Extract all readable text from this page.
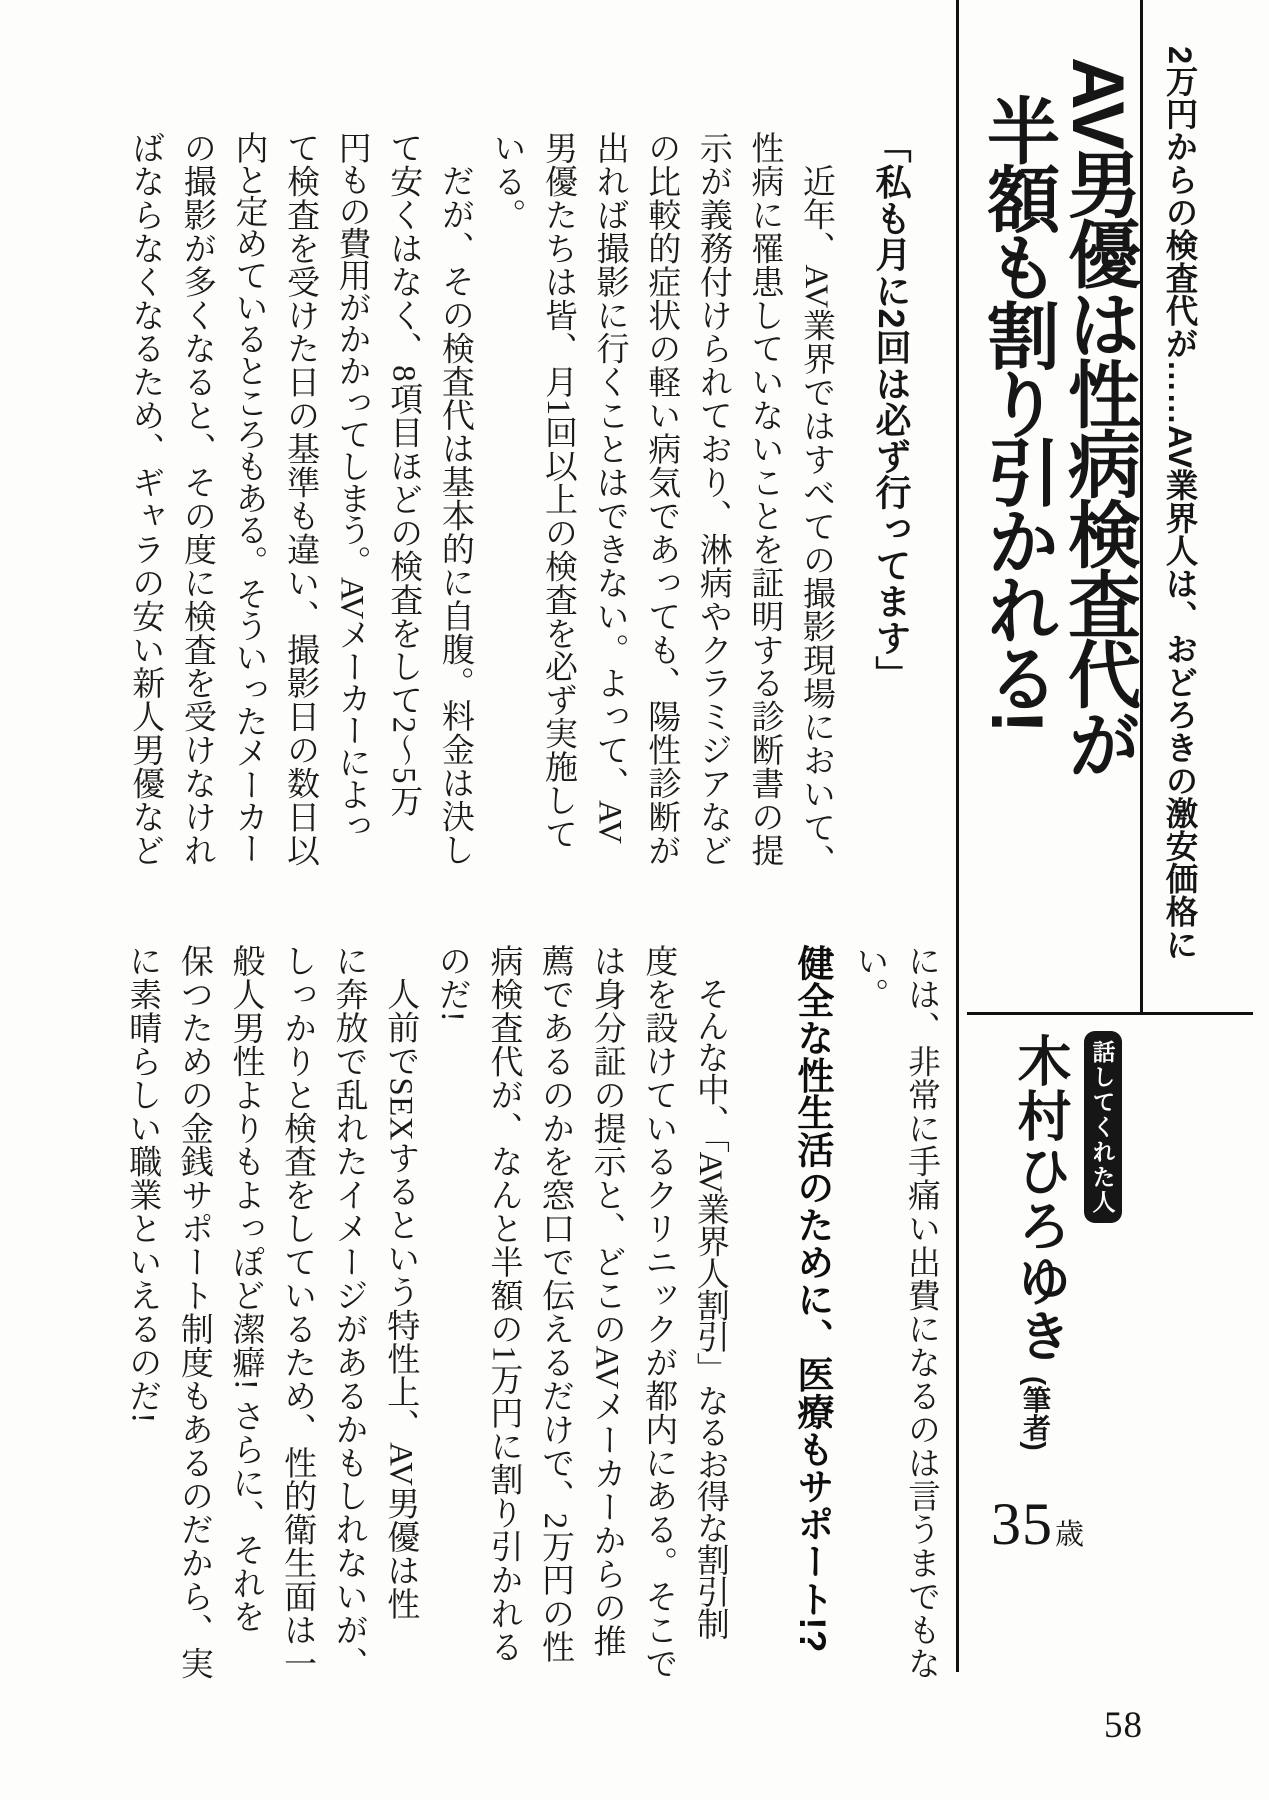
2万円からの検査代が……AV業界人は、おどろきの激安価格に
AV男優は性病検査代が
半額も割り引かれる!
「私も月に2回は必ず行ってます」
近年、AV業界ではすべての撮影現場において、
性病に罹患していないことを証明する診断書の提
示が義務付けられており、淋病やクラミジアなど
の比較的症状の軽い病気であっても、陽性診断が
出れば撮影に行くことはできない。よって、AV
男優たちは皆、月1回以上の検査を必ず実施して
いる。
だが、その検査代は基本的に自腹。料金は決し
て安くはなく、8項目ほどの検査をして2〜5万
円もの費用がかかってしまう。AVメーカーによっ
て検査を受けた日の基準も違い、撮影日の数日以
内と定めているところもある。そういったメーカー
の撮影が多くなると、その度に検査を受けなけれ
ばならなくなるため、ギャラの安い新人男優など
には、非常に手痛い出費になるのは言うまでもな
い。
健全な性生活のために、医療もサポート!?
そんな中、「AV業界人割引」なるお得な割引制
度を設けているクリニックが都内にある。そこで
は身分証の提示と、どこのAVメーカーからの推
薦であるのかを窓口で伝えるだけで、2万円の性
病検査代が、なんと半額の1万円に割り引かれる
のだ!
人前でSEXするという特性上、AV男優は性
に奔放で乱れたイメージがあるかもしれないが、
しっかりと検査をしているため、性的衛生面は一
般人男性よりもよっぽど潔癖! さらに、それを
保つための金銭サポート制度もあるのだから、実
に素晴らしい職業といえるのだ!	話してくれた人
木村ひろゆき
(筆者)
35 歳
58
